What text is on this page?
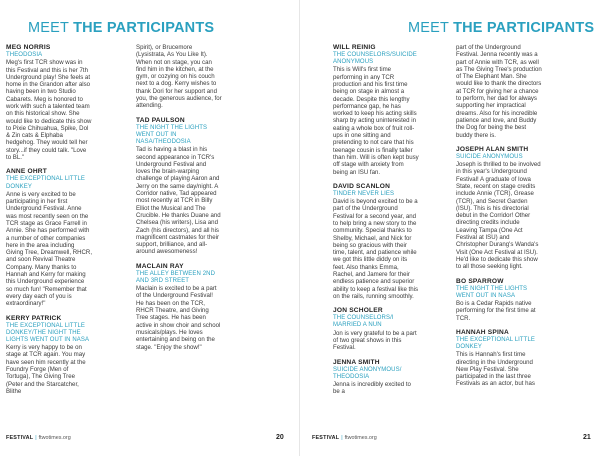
MEET THE PARTICIPANTS
MEG NORRIS
THEODOSIA
Meg's first TCR show was in this Festival and this is her 7th Underground play! She feels at home in the Grandon after also having been in two Studio Cabarets. Meg is honored to work with such a talented team on this historical show. She would like to dedicate this show to Pixie Chihuahua, Spike, Dol & Zin cats & Elphaba hedgehog. They would tell her story...if they could talk. "Love to BL."
ANNE OHRT
THE EXCEPTIONAL LITTLE DONKEY
Anne is very excited to be participating in her first Underground Festival. Anne was most recently seen on the TCR stage as Grace Farrell in Annie. She has performed with a number of other companies here in the area including Giving Tree, Dreamwell, RHCR, and soon Revival Theatre Company. Many thanks to Hannah and Kerry for making this Underground experience so much fun! "Remember that every day each of you is extraordinary!"
KERRY PATRICK
THE EXCEPTIONAL LITTLE DONKEY/THE NIGHT THE LIGHTS WENT OUT IN NASA
Kerry is very happy to be on stage at TCR again. You may have seen him recently at the Foundry Forge (Men of Tortuga), The Giving Tree (Peter and the Starcatcher, Blithe
Spirit), or Brucemore (Lysistrata, As You Like It). When not on stage, you can find him in the kitchen, at the gym, or cozying on his couch next to a dog. Kerry wishes to thank Dori for her support and you, the generous audience, for attending.
TAD PAULSON
THE NIGHT THE LIGHTS WENT OUT IN NASA/THEODOSIA
Tad is having a blast in his second appearance in TCR's Underground Festival and loves the brain-warping challenge of playing Aaron and Jerry on the same day/night. A Corridor native, Tad appeared most recently at TCR in Billy Elliot the Musical and The Crucible. He thanks Duane and Chelsea (his writers), Lisa and Zach (his directors), and all his magnificent castmates for their support, brilliance, and all-around awesomeness!
MACLAIN RAY
THE ALLEY BETWEEN 2ND AND 3RD STREET
Maclain is excited to be a part of the Underground Festival! He has been on the TCR, RHCR Theatre, and Giving Tree stages. He has been active in show choir and school musicals/plays. He loves entertaining and being on the stage. "Enjoy the show!"
FESTIVAL | ftwotimes.org	20
MEET THE PARTICIPANTS
WILL REINIG
THE COUNSELORS/SUICIDE ANONYMOUS
This is Will's first time performing in any TCR production and his first time being on stage in almost a decade. Despite this lengthy performance gap, he has worked to keep his acting skills sharp by acting uninterested in eating a whole box of fruit roll-ups in one sitting and pretending to not care that his teenage cousin is finally taller than him. Will is often kept busy off stage with anxiety from being an ISU fan.
DAVID SCANLON
TINDER NEVER LIES
David is beyond excited to be a part of the Underground Festival for a second year, and to help bring a new story to the community. Special thanks to Shelby, Michael, and Nick for being so gracious with their time, talent, and patience while we got this little diddy on its feet. Also thanks Emma, Rachel, and Jamere for their endless patience and superior ability to keep a festival like this on the rails, running smoothly.
JON SCHOLER
THE COUNSELORS/I MARRIED A NUN
Jon is very grateful to be a part of two great shows in this Festival.
JENNA SMITH
SUICIDE ANONYMOUS/ THEODOSIA
Jenna is incredibly excited to be a
part of the Underground Festival. Jenna recently was a part of Annie with TCR, as well as The Giving Tree's production of The Elephant Man. She would like to thank the directors at TCR for giving her a chance to perform, her dad for always supporting her impractical dreams. Also for his incredible patience and love, and Buddy the Dog for being the best buddy there is.
JOSEPH ALAN SMITH
SUICIDE ANONYMOUS
Joseph is thrilled to be involved in this year's Underground Festival! A graduate of Iowa State, recent on stage credits include Annie (TCR), Grease (TCR), and Secret Garden (ISU). This is his directorial debut in the Corridor! Other directing credits include Leaving Tampa (One Act Festival at ISU) and Christopher Durang's Wanda's Visit (One Act Festival at ISU). He'd like to dedicate this show to all those seeking light.
BO SPARROW
THE NIGHT THE LIGHTS WENT OUT IN NASA
Bo is a Cedar Rapids native performing for the first time at TCR.
HANNAH SPINA
THE EXCEPTIONAL LITTLE DONKEY
This is Hannah's first time directing in the Underground New Play Festival. She participated in the last three Festivals as an actor, but has
FESTIVAL | ftwotimes.org	21
